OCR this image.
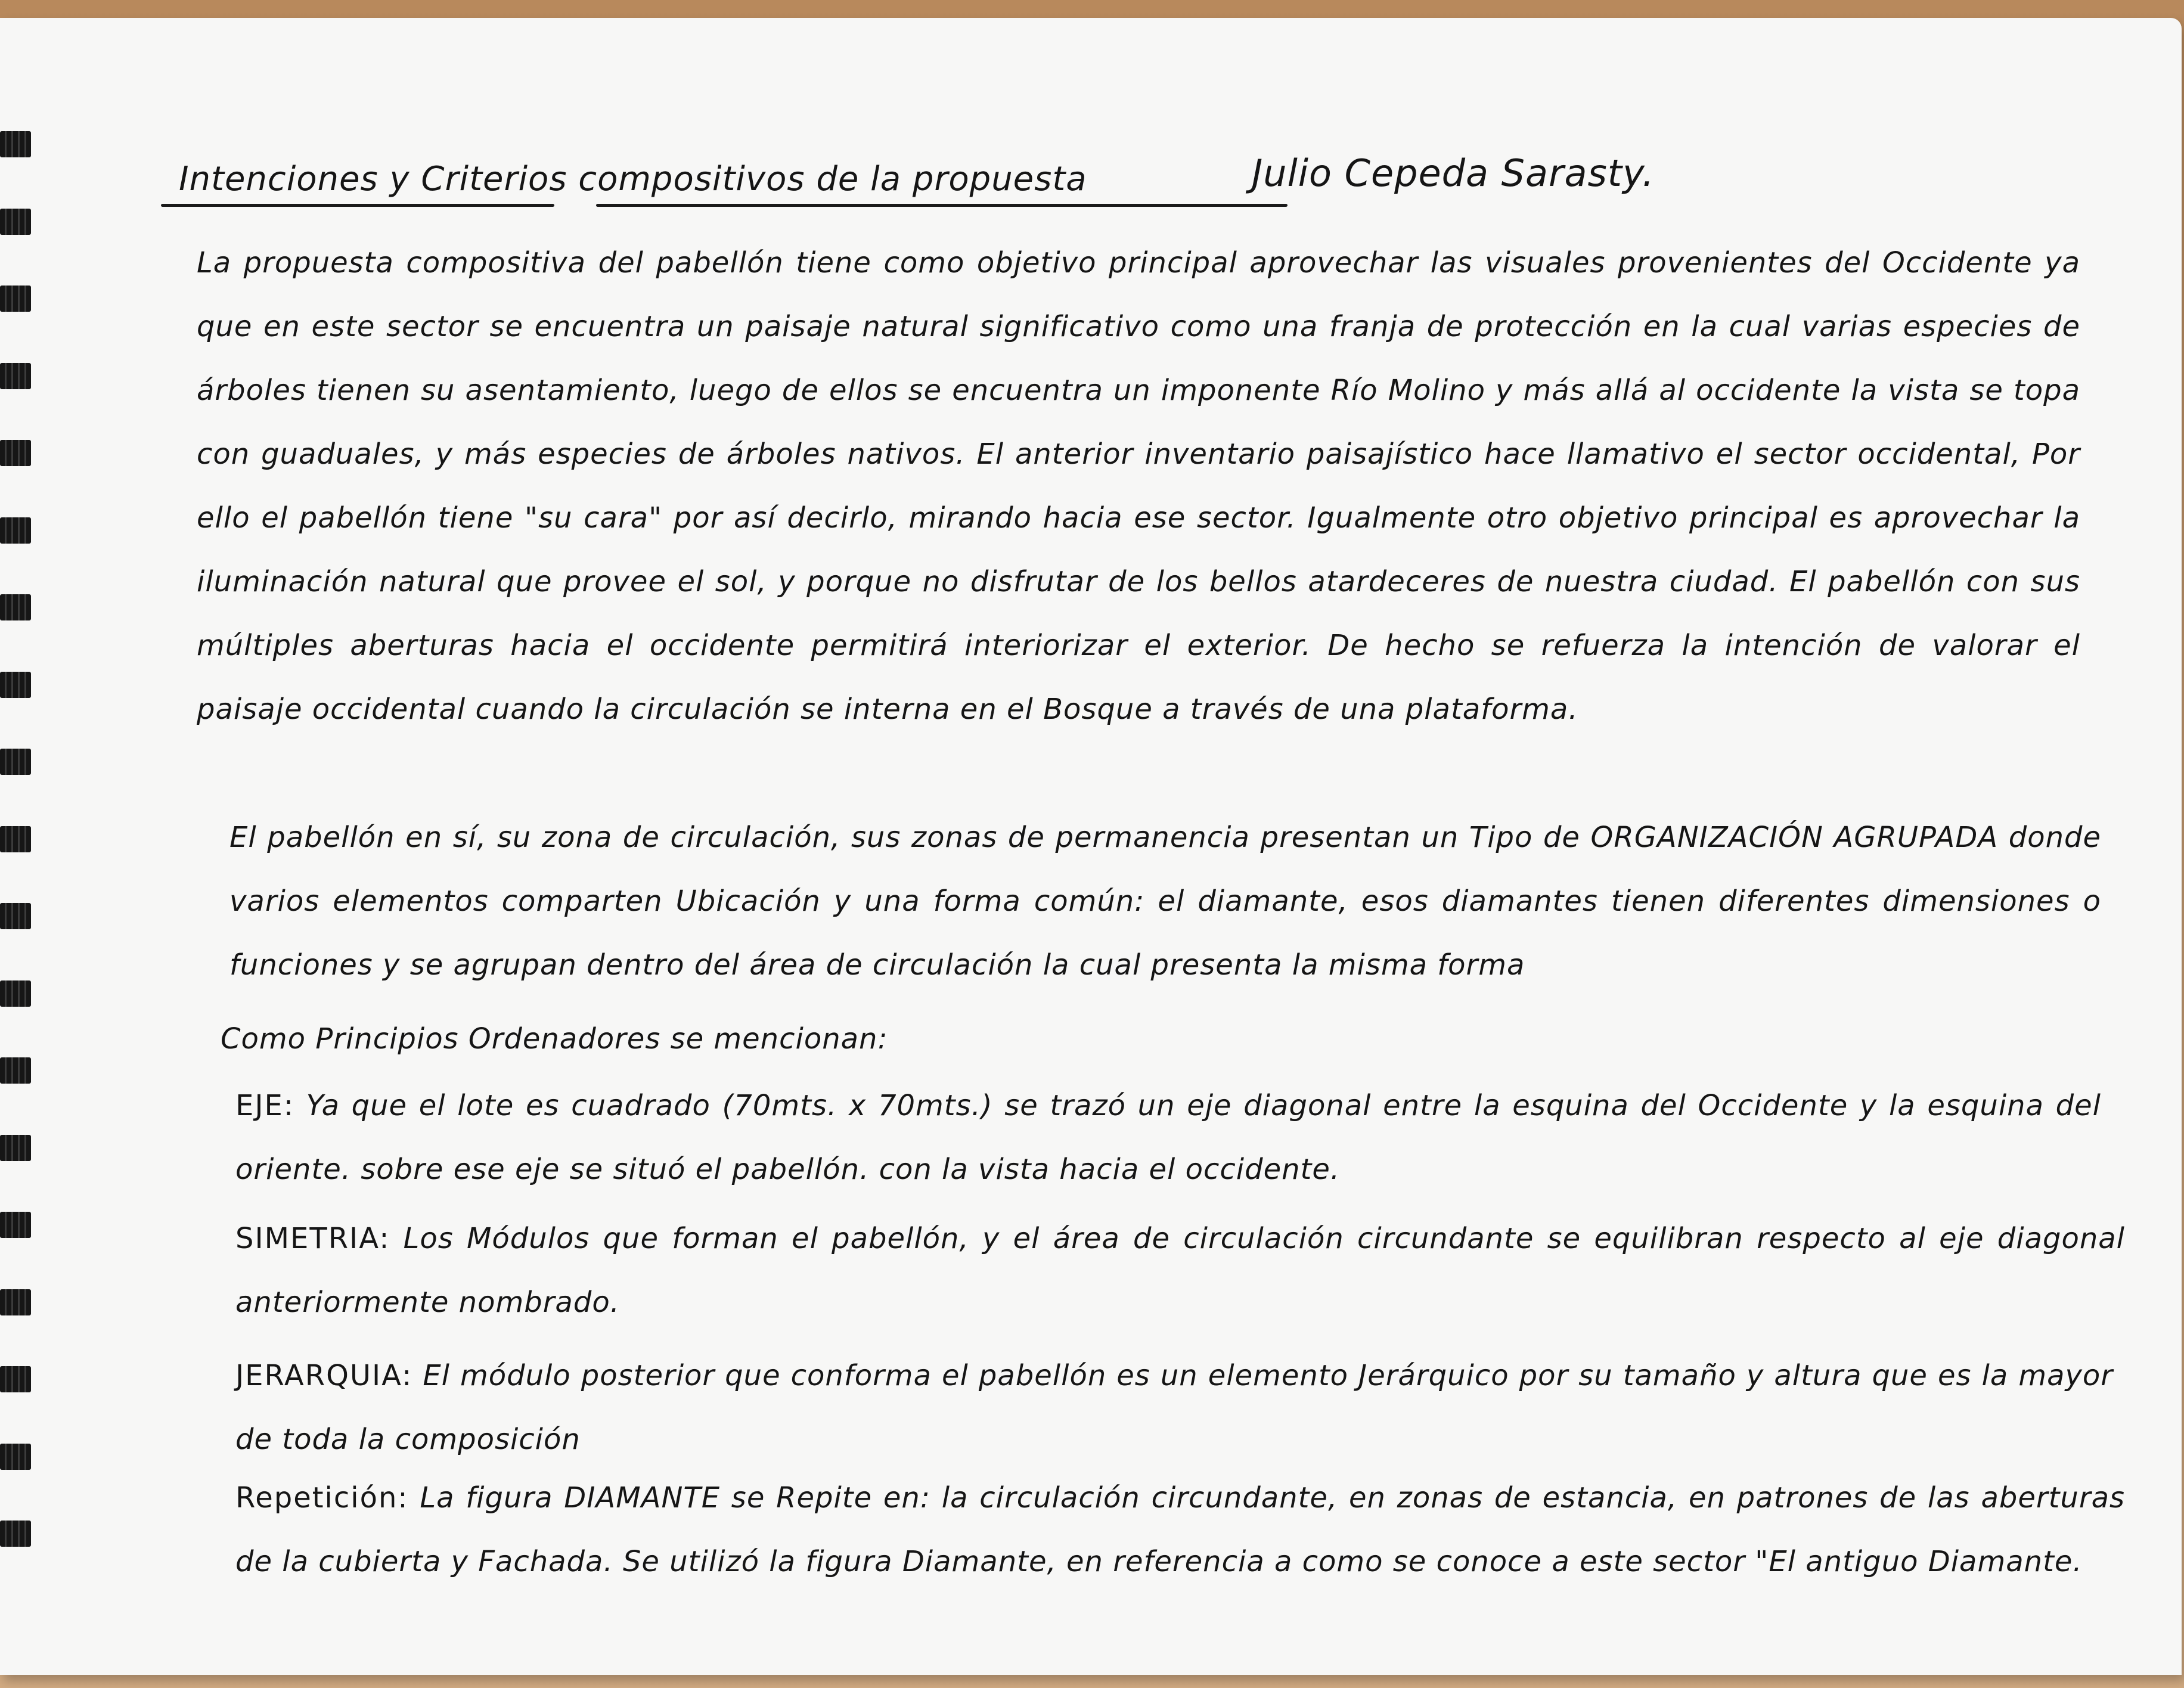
Intenciones y Criterios compositivos de la propuesta	Julio Cepeda Sarasty.

La propuesta compositiva del pabellón tiene como objetivo principal aprovechar las visuales provenientes del Occidente ya que en este sector se encuentra un paisaje natural significativo como una franja de protección en la cual varias especies de árboles tienen su asentamiento, luego de ellos se encuentra un imponente Río Molino y más allá al occidente la vista se topa con guaduales, y más especies de árboles nativos. El anterior inventario paisajístico hace llamativo el sector occidental, Por ello el pabellón tiene "su cara" por así decirlo, mirando hacia ese sector. Igualmente otro objetivo principal es aprovechar la iluminación natural que provee el sol, y porque no disfrutar de los bellos atardeceres de nuestra ciudad. El pabellón con sus múltiples aberturas hacia el occidente permitirá interiorizar el exterior. De hecho se refuerza la intención de valorar el paisaje occidental cuando la circulación se interna en el Bosque a través de una plataforma.

El pabellón en sí, su zona de circulación, sus zonas de permanencia presentan un Tipo de ORGANIZACIÓN AGRUPADA donde varios elementos comparten Ubicación y una forma común: el diamante, esos diamantes tienen diferentes dimensiones o funciones y se agrupan dentro del área de circulación la cual presenta la misma forma

Como Principios Ordenadores se mencionan:

EJE: Ya que el lote es cuadrado (70mts. x 70mts.) se trazó un eje diagonal entre la esquina del Occidente y la esquina del oriente. sobre ese eje se situó el pabellón. con la vista hacia el occidente.

SIMETRIA: Los Módulos que forman el pabellón, y el área de circulación circundante se equilibran respecto al eje diagonal anteriormente nombrado.

JERARQUIA: El módulo posterior que conforma el pabellón es un elemento Jerárquico por su tamaño y altura que es la mayor de toda la composición

Repetición: La figura DIAMANTE se Repite en: la circulación circundante, en zonas de estancia, en patrones de las aberturas de la cubierta y Fachada. Se utilizó la figura Diamante, en referencia a como se conoce a este sector "El antiguo Diamante.
